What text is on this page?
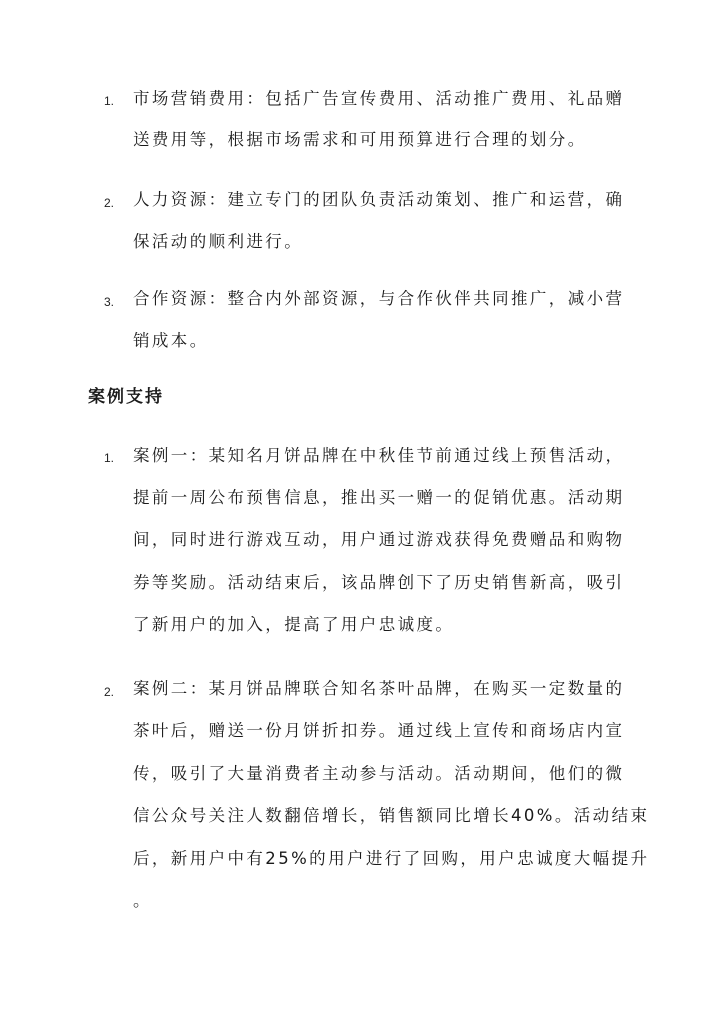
1. 市场营销费用：包括广告宣传费用、活动推广费用、礼品赠
送费用等，根据市场需求和可用预算进行合理的划分。
2. 人力资源：建立专门的团队负责活动策划、推广和运营，确
保活动的顺利进行。
3. 合作资源：整合内外部资源，与合作伙伴共同推广，减小营
销成本。
案例支持
1. 案例一：某知名月饼品牌在中秋佳节前通过线上预售活动，
提前一周公布预售信息，推出买一赠一的促销优惠。活动期
间，同时进行游戏互动，用户通过游戏获得免费赠品和购物
券等奖励。活动结束后，该品牌创下了历史销售新高，吸引
了新用户的加入，提高了用户忠诚度。
2. 案例二：某月饼品牌联合知名茶叶品牌，在购买一定数量的
茶叶后，赠送一份月饼折扣券。通过线上宣传和商场店内宣
传，吸引了大量消费者主动参与活动。活动期间，他们的微
信公众号关注人数翻倍增长，销售额同比增长40%。活动结束
后，新用户中有25%的用户进行了回购，用户忠诚度大幅提升
。
